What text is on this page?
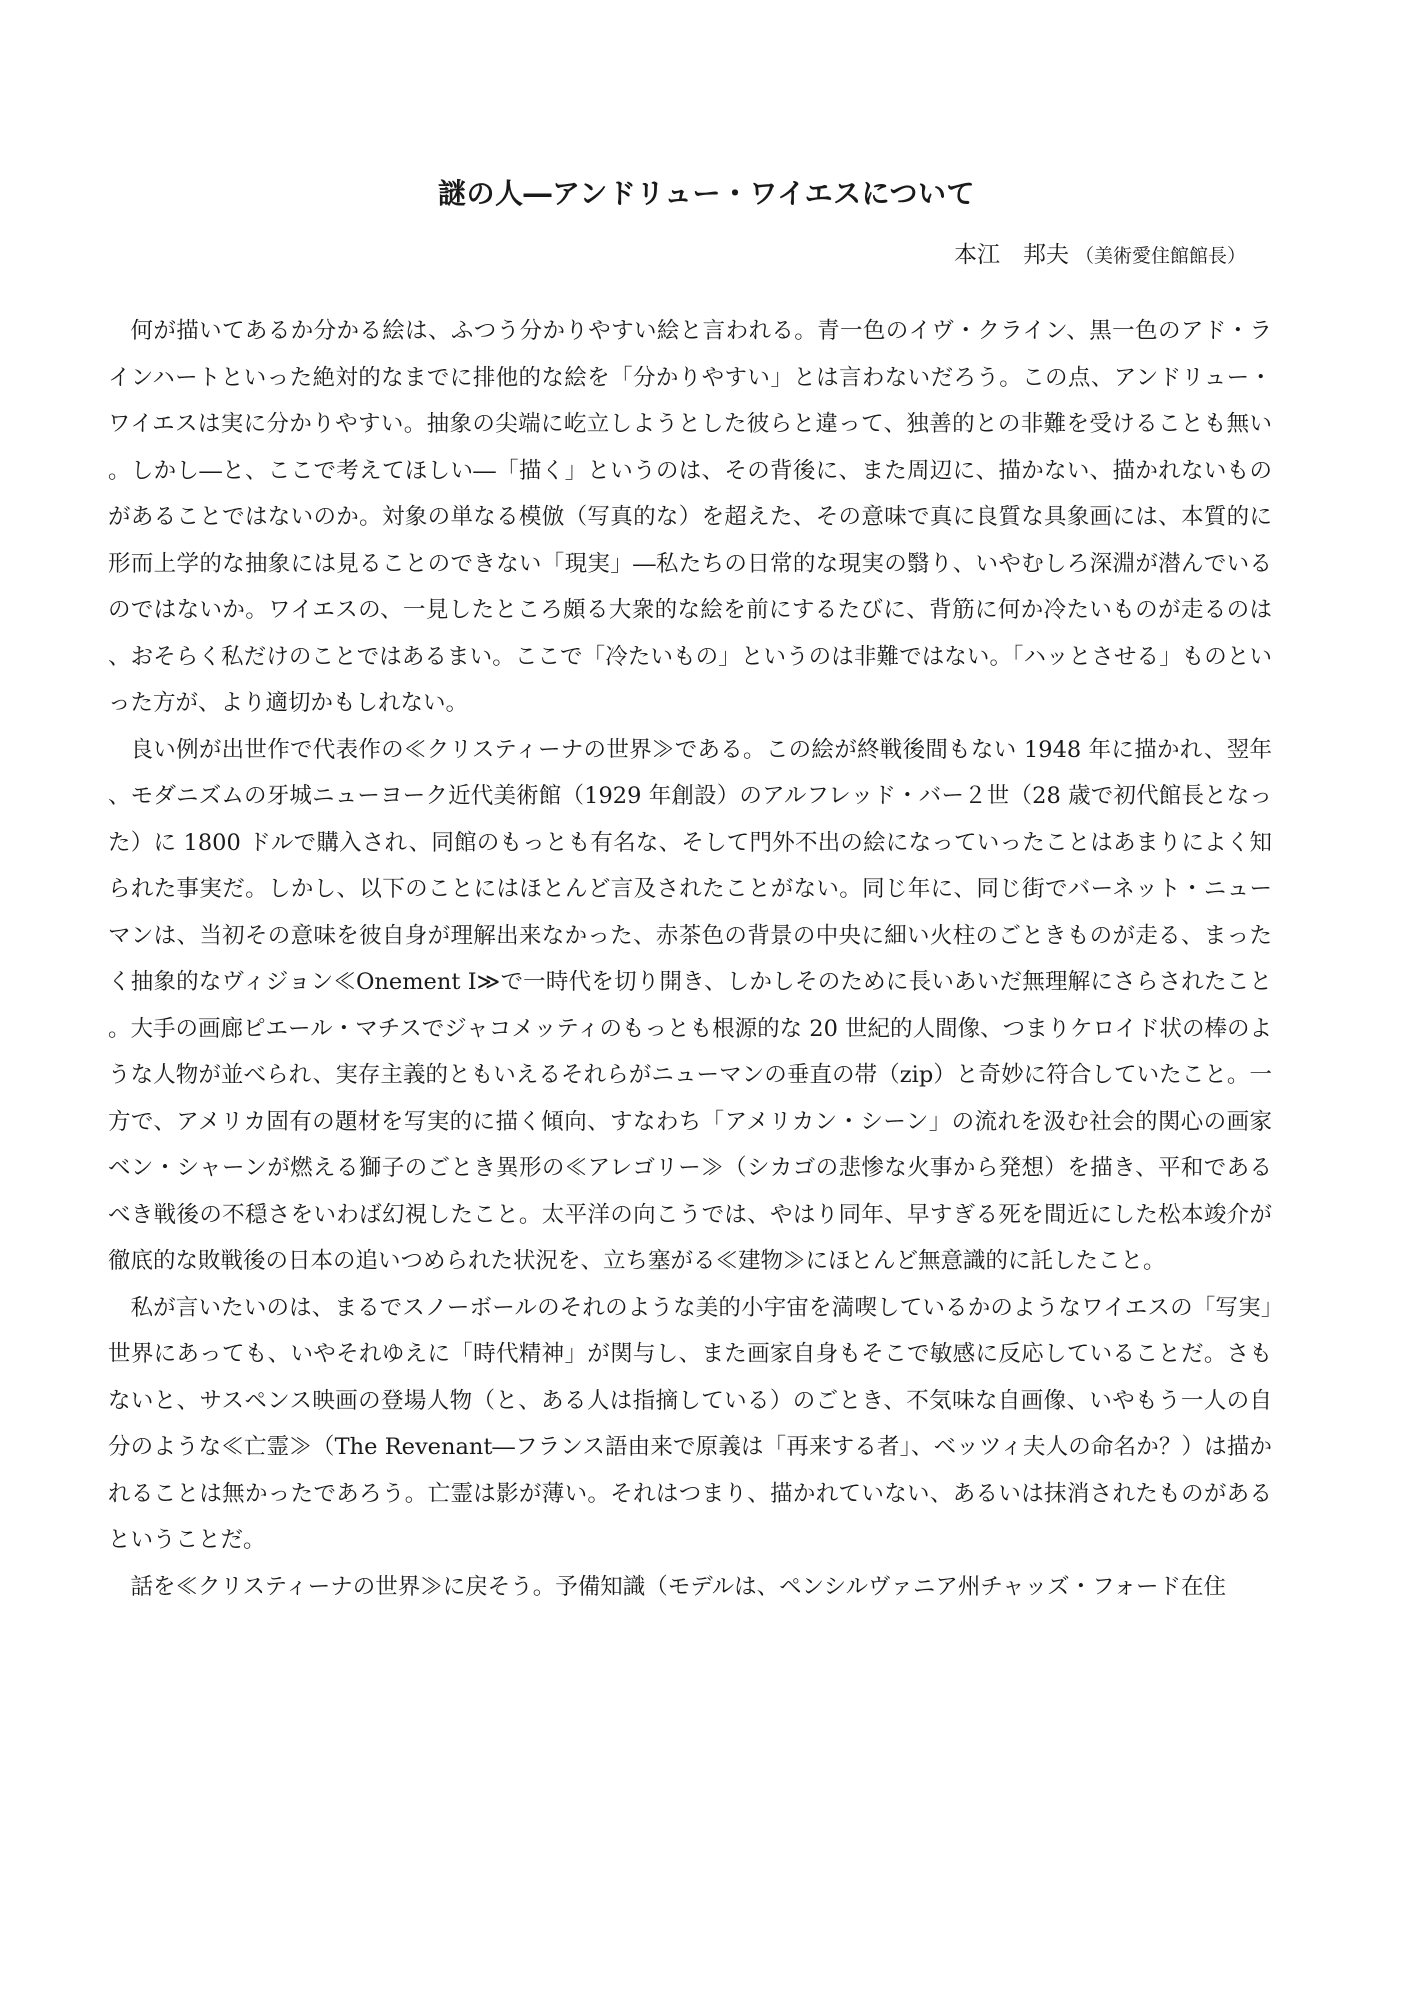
謎の人―アンドリュー・ワイエスについて
本江　邦夫 （美術愛住館館長）

何が描いてあるか分かる絵は、ふつう分かりやすい絵と言われる。青一色のイヴ・クライン、黒一色のアド・ラインハートといった絶対的なまでに排他的な絵を「分かりやすい」とは言わないだろう。この点、アンドリュー・ワイエスは実に分かりやすい。抽象の尖端に屹立しようとした彼らと違って、独善的との非難を受けることも無い。しかし―と、ここで考えてほしい―「描く」というのは、その背後に、また周辺に、描かない、描かれないものがあることではないのか。対象の単なる模倣（写真的な）を超えた、その意味で真に良質な具象画には、本質的に形而上学的な抽象には見ることのできない「現実」―私たちの日常的な現実の翳り、いやむしろ深淵が潜んでいるのではないか。ワイエスの、一見したところ頗る大衆的な絵を前にするたびに、背筋に何か冷たいものが走るのは、おそらく私だけのことではあるまい。ここで「冷たいもの」というのは非難ではない。「ハッとさせる」ものといった方が、より適切かもしれない。

良い例が出世作で代表作の≪クリスティーナの世界≫である。この絵が終戦後間もない 1948 年に描かれ、翌年、モダニズムの牙城ニューヨーク近代美術館（1929 年創設）のアルフレッド・バー２世（28 歳で初代館長となった）に 1800 ドルで購入され、同館のもっとも有名な、そして門外不出の絵になっていったことはあまりによく知られた事実だ。しかし、以下のことにはほとんど言及されたことがない。同じ年に、同じ街でバーネット・ニューマンは、当初その意味を彼自身が理解出来なかった、赤茶色の背景の中央に細い火柱のごときものが走る、まったく抽象的なヴィジョン≪Onement I≫で一時代を切り開き、しかしそのために長いあいだ無理解にさらされたこと。大手の画廊ピエール・マチスでジャコメッティのもっとも根源的な 20 世紀的人間像、つまりケロイド状の棒のような人物が並べられ、実存主義的ともいえるそれらがニューマンの垂直の帯（zip）と奇妙に符合していたこと。一方で、アメリカ固有の題材を写実的に描く傾向、すなわち「アメリカン・シーン」の流れを汲む社会的関心の画家ベン・シャーンが燃える獅子のごとき異形の≪アレゴリー≫（シカゴの悲惨な火事から発想）を描き、平和であるべき戦後の不穏さをいわば幻視したこと。太平洋の向こうでは、やはり同年、早すぎる死を間近にした松本竣介が徹底的な敗戦後の日本の追いつめられた状況を、立ち塞がる≪建物≫にほとんど無意識的に託したこと。

私が言いたいのは、まるでスノーボールのそれのような美的小宇宙を満喫しているかのようなワイエスの「写実」世界にあっても、いやそれゆえに「時代精神」が関与し、また画家自身もそこで敏感に反応していることだ。さもないと、サスペンス映画の登場人物（と、ある人は指摘している）のごとき、不気味な自画像、いやもう一人の自分のような≪亡霊≫（The Revenant―フランス語由来で原義は「再来する者」、ベッツィ夫人の命名か？）は描かれることは無かったであろう。亡霊は影が薄い。それはつまり、描かれていない、あるいは抹消されたものがあるということだ。

話を≪クリスティーナの世界≫に戻そう。予備知識（モデルは、ペンシルヴァニア州チャッズ・フォード在住
